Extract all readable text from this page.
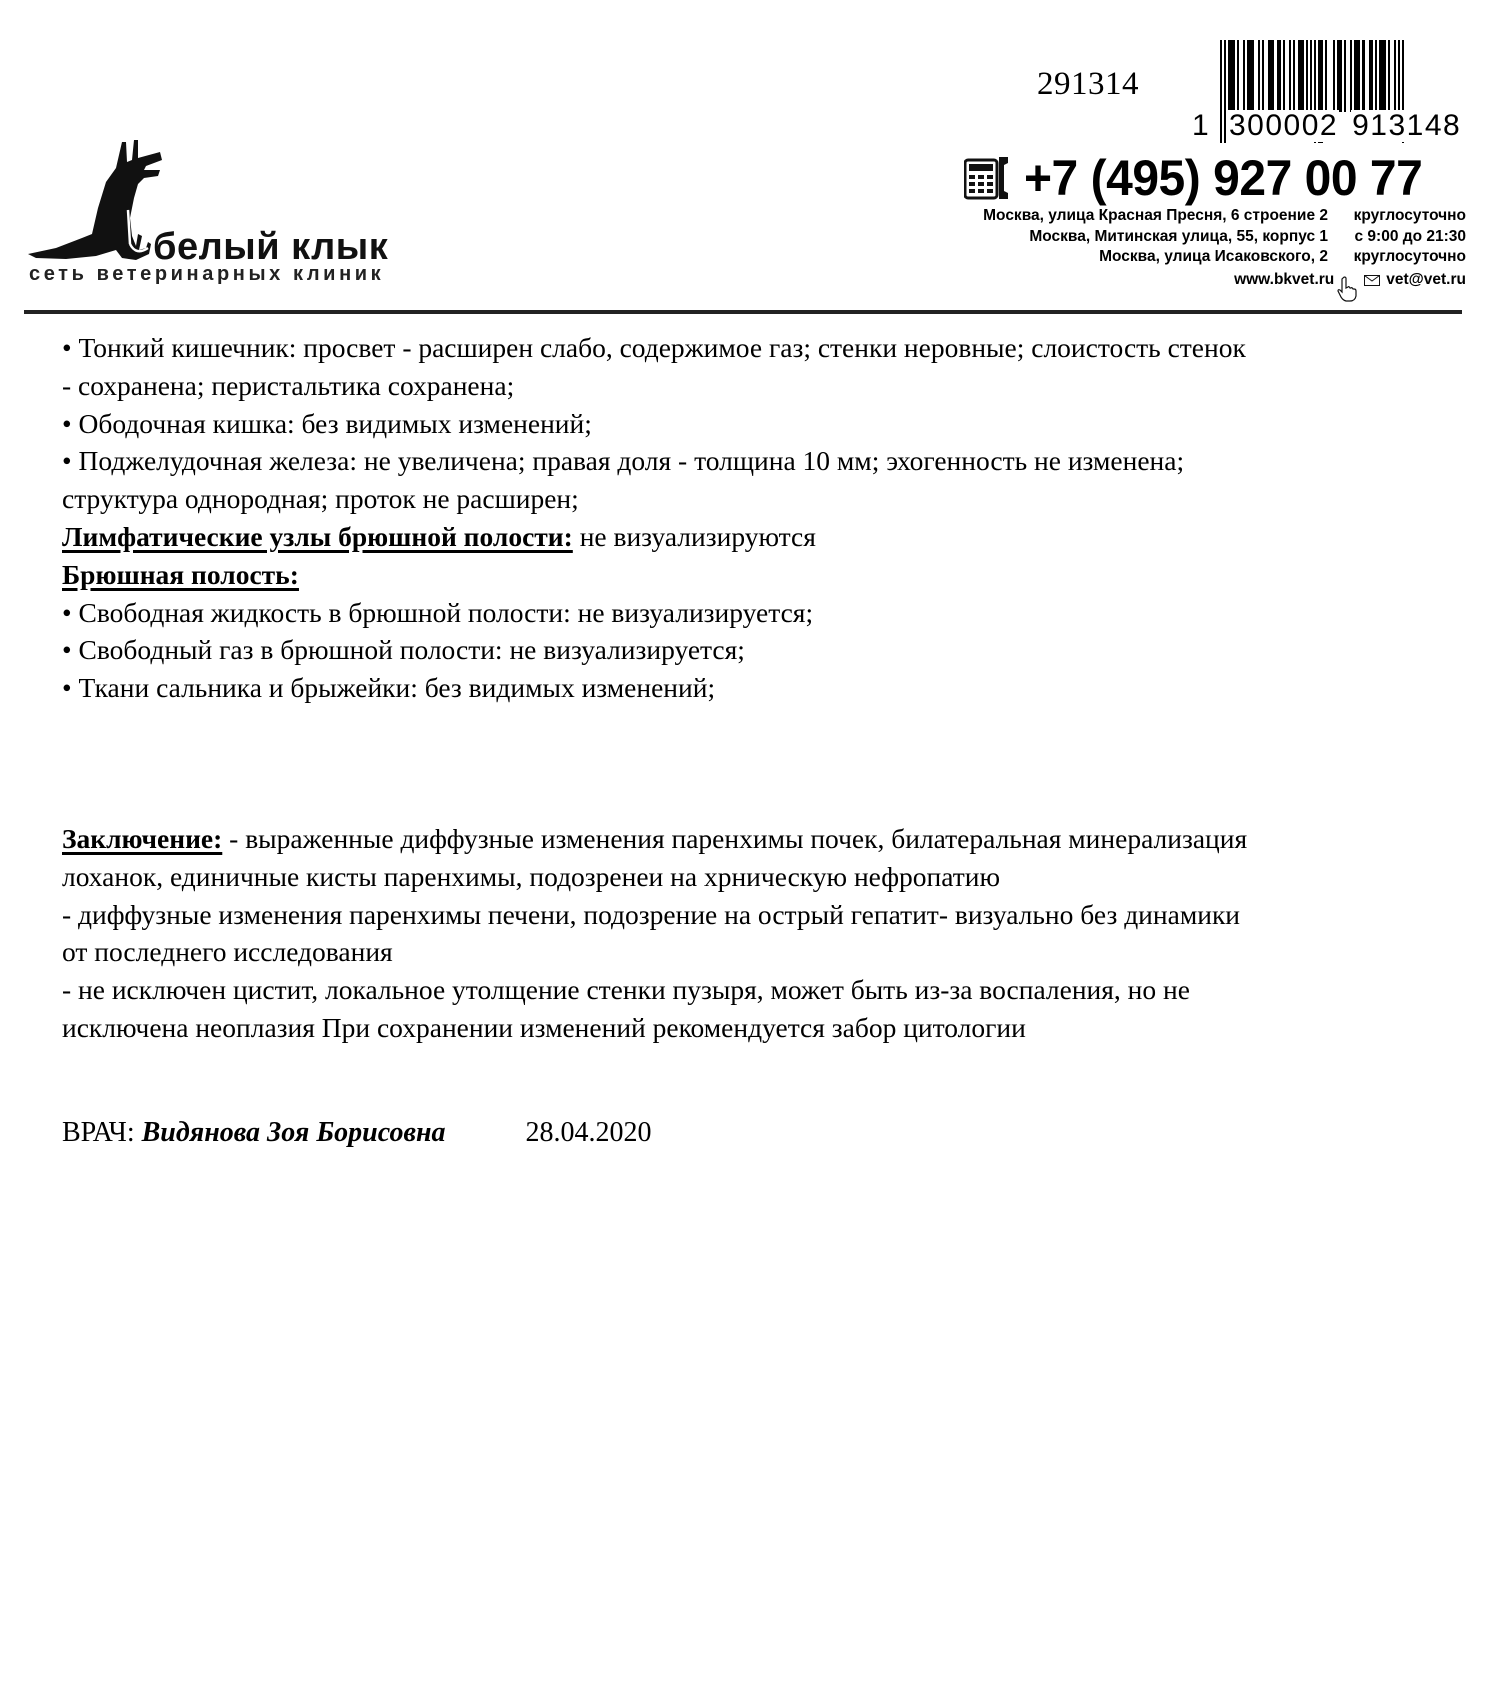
белый клык
сеть ветеринарных клиник
291314
1 300002 913148
+7 (495) 927 00 77
Москва, улица Красная Пресня, 6 строение 2	круглосуточно
Москва, Митинская улица, 55, корпус 1	с 9:00 до 21:30
Москва, улица Исаковского, 2	круглосуточно
www.bkvet.ru	vet@vet.ru
• Тонкий кишечник: просвет - расширен слабо, содержимое газ; стенки неровные; слоистость стенок
- сохранена; перистальтика сохранена;
• Ободочная кишка: без видимых изменений;
• Поджелудочная железа: не увеличена; правая доля - толщина 10 мм; эхогенность не изменена;
структура однородная; проток не расширен;
Лимфатические узлы брюшной полости: не визуализируются
Брюшная полость:
• Свободная жидкость в брюшной полости: не визуализируется;
• Свободный газ в брюшной полости: не визуализируется;
• Ткани сальника и брыжейки: без видимых изменений;
Заключение: - выраженные диффузные изменения паренхимы почек, билатеральная минерализация
лоханок, единичные кисты паренхимы, подозренеи на хрническую нефропатию
- диффузные изменения паренхимы печени, подозрение на острый гепатит- визуально без динамики
от последнего исследования
- не исключен цистит, локальное утолщение стенки пузыря, может быть из-за воспаления, но не
исключена неоплазия При сохранении изменений рекомендуется забор цитологии
ВРАЧ: Видянова Зоя Борисовна	28.04.2020
